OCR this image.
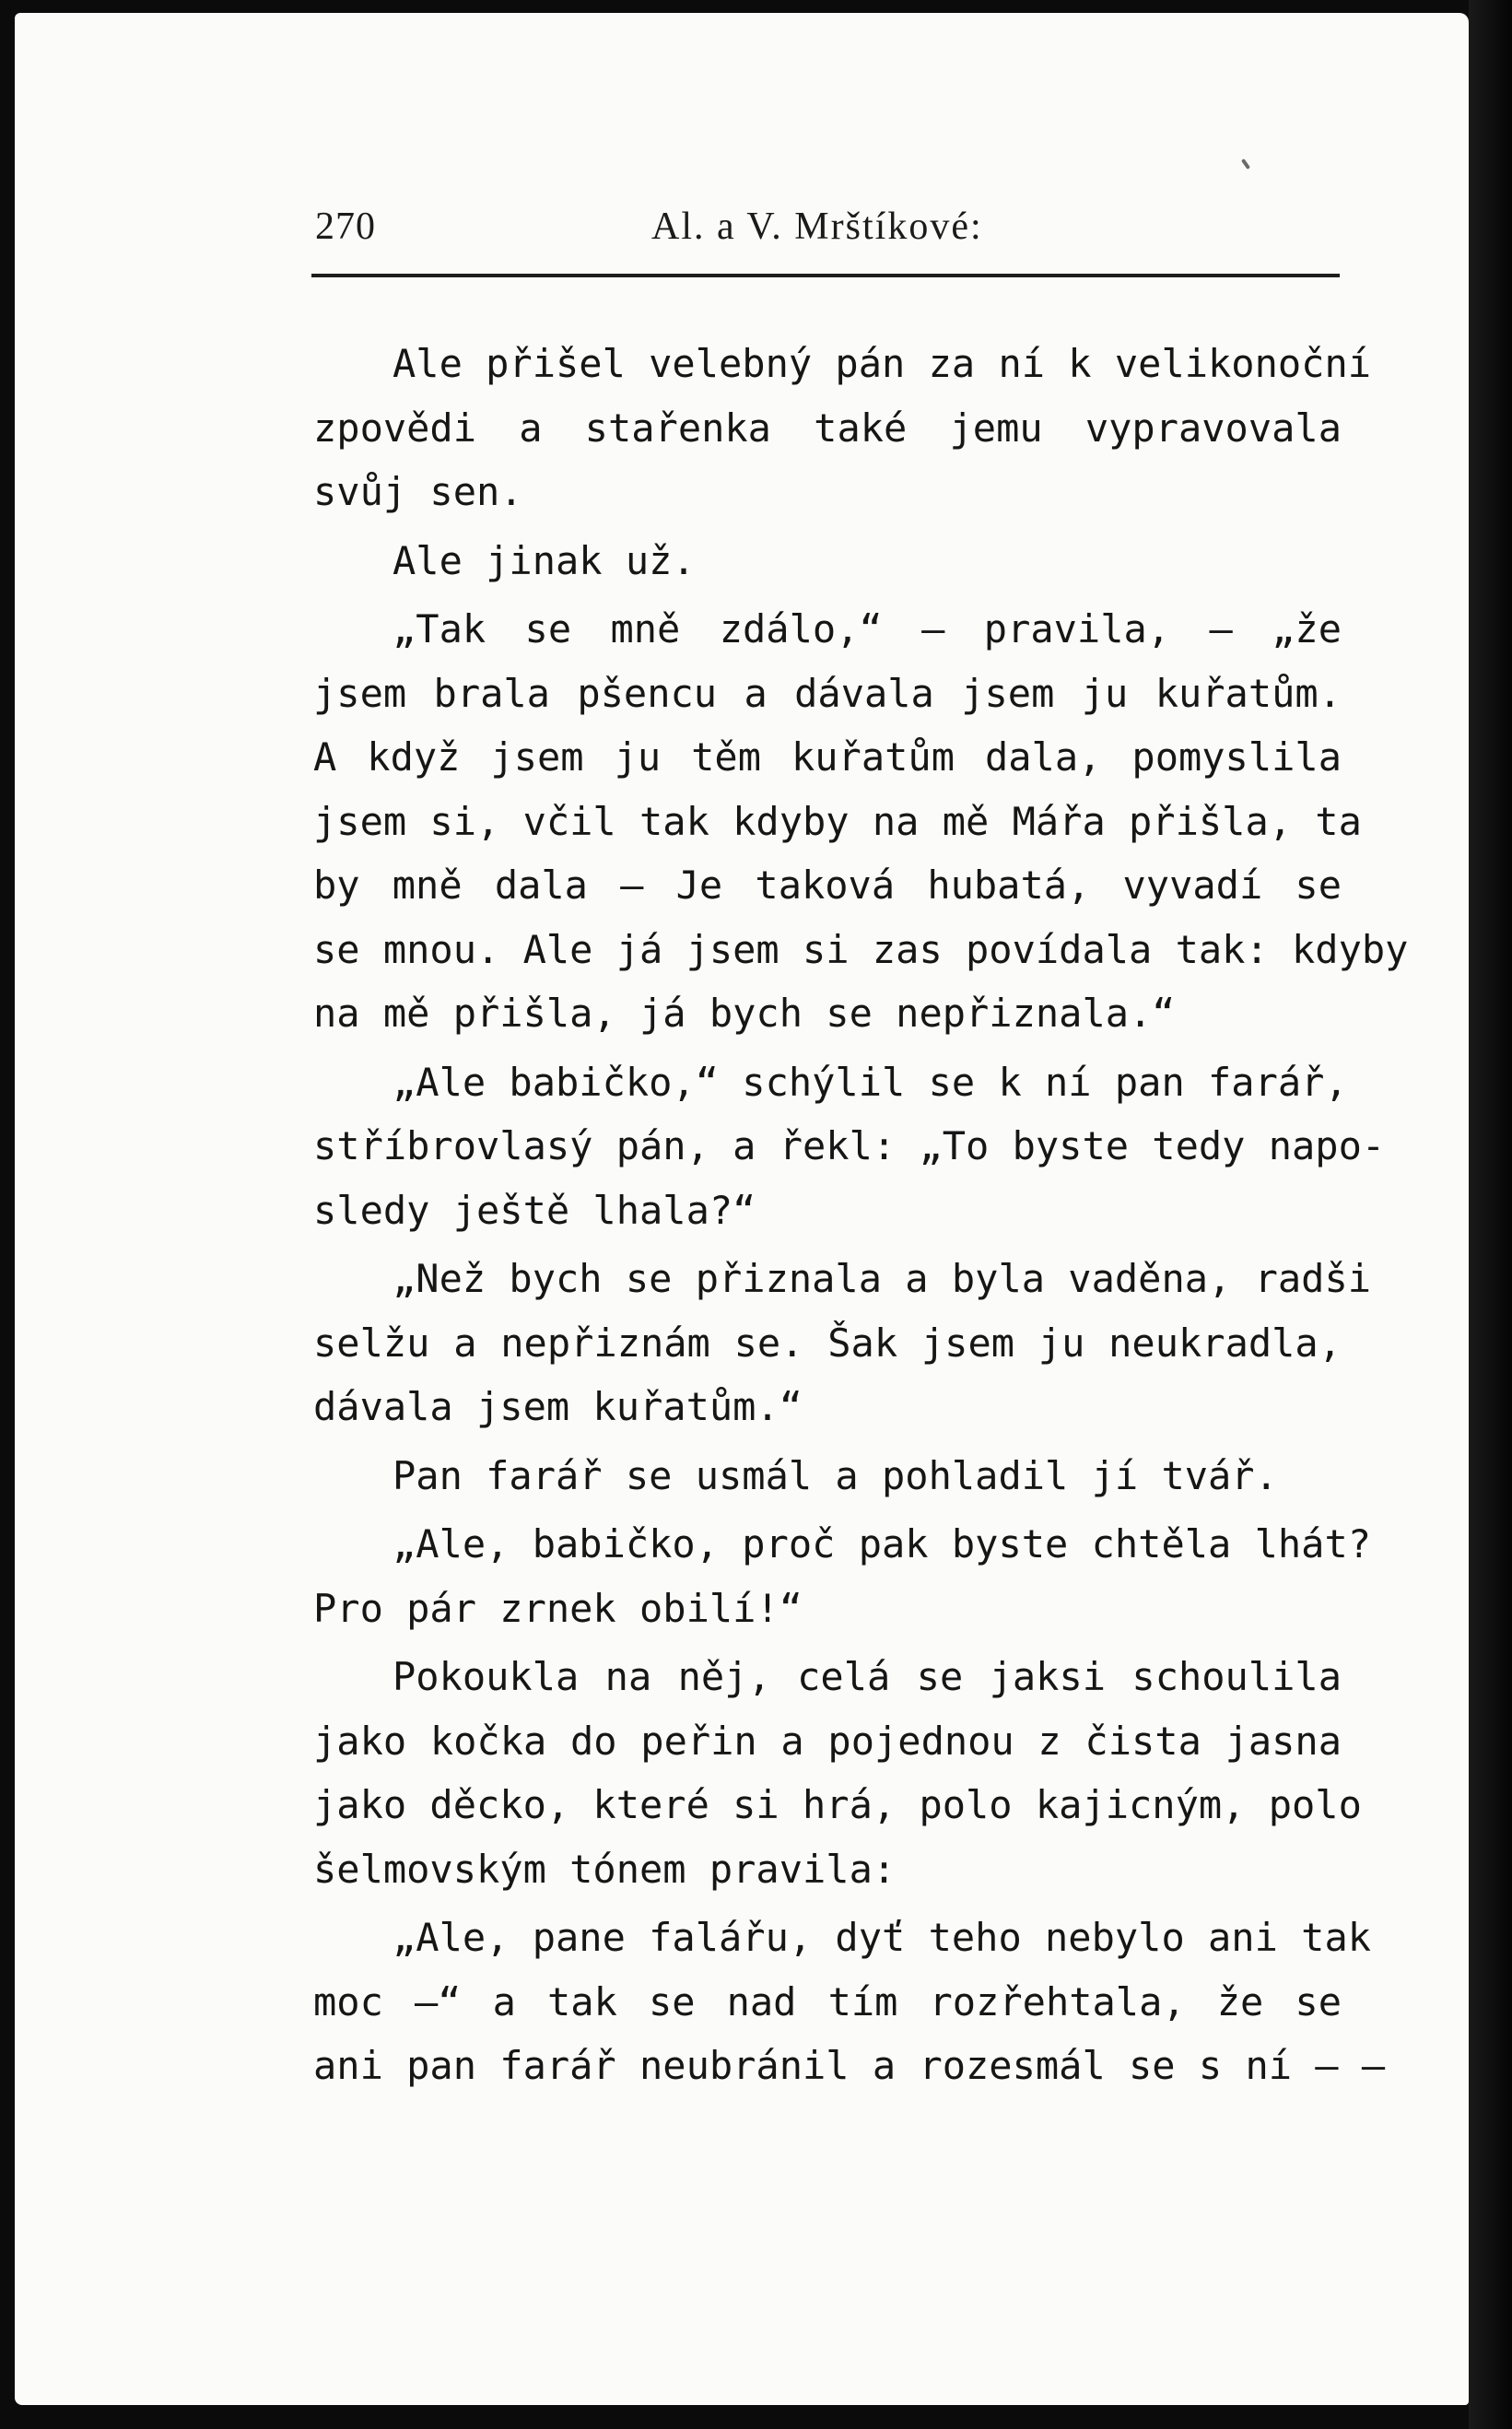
270	Al. a V. Mrštíkové:
Ale přišel velebný pán za ní k velikonoční
zpovědi a stařenka také jemu vypravovala
svůj sen.
Ale jinak už.
„Tak se mně zdálo,“ — pravila, — „že
jsem brala pšencu a dávala jsem ju kuřatům.
A když jsem ju těm kuřatům dala, pomyslila
jsem si, včil tak kdyby na mě Mářa přišla, ta
by mně dala — Je taková hubatá, vyvadí se
se mnou. Ale já jsem si zas povídala tak: kdyby
na mě přišla, já bych se nepřiznala.“
„Ale babičko,“ schýlil se k ní pan farář,
stříbrovlasý pán, a řekl: „To byste tedy napo-
sledy ještě lhala?“
„Než bych se přiznala a byla vaděna, radši
selžu a nepřiznám se. Šak jsem ju neukradla,
dávala jsem kuřatům.“
Pan farář se usmál a pohladil jí tvář.
„Ale, babičko, proč pak byste chtěla lhát?
Pro pár zrnek obilí!“
Pokoukla na něj, celá se jaksi schoulila
jako kočka do peřin a pojednou z čista jasna
jako děcko, které si hrá, polo kajicným, polo
šelmovským tónem pravila:
„Ale, pane falářu, dyť teho nebylo ani tak
moc —“ a tak se nad tím rozřehtala, že se
ani pan farář neubránil a rozesmál se s ní — —
